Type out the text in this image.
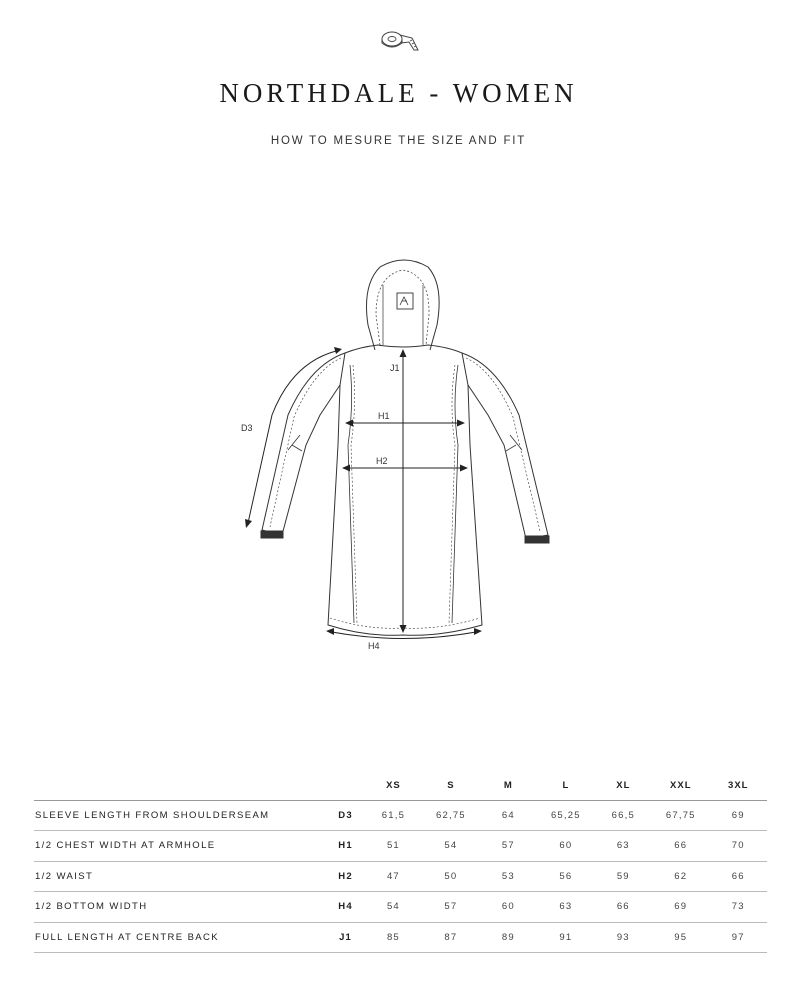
NORTHDALE - WOMEN
HOW TO MESURE THE SIZE AND FIT
J1
H1
H2
H4
D3
		XS	S	M	L	XL	XXL	3XL
SLEEVE LENGTH FROM SHOULDERSEAM	D3	61,5	62,75	64	65,25	66,5	67,75	69
1/2 CHEST WIDTH AT ARMHOLE	H1	51	54	57	60	63	66	70
1/2 WAIST	H2	47	50	53	56	59	62	66
1/2 BOTTOM WIDTH	H4	54	57	60	63	66	69	73
FULL LENGTH AT CENTRE BACK	J1	85	87	89	91	93	95	97
